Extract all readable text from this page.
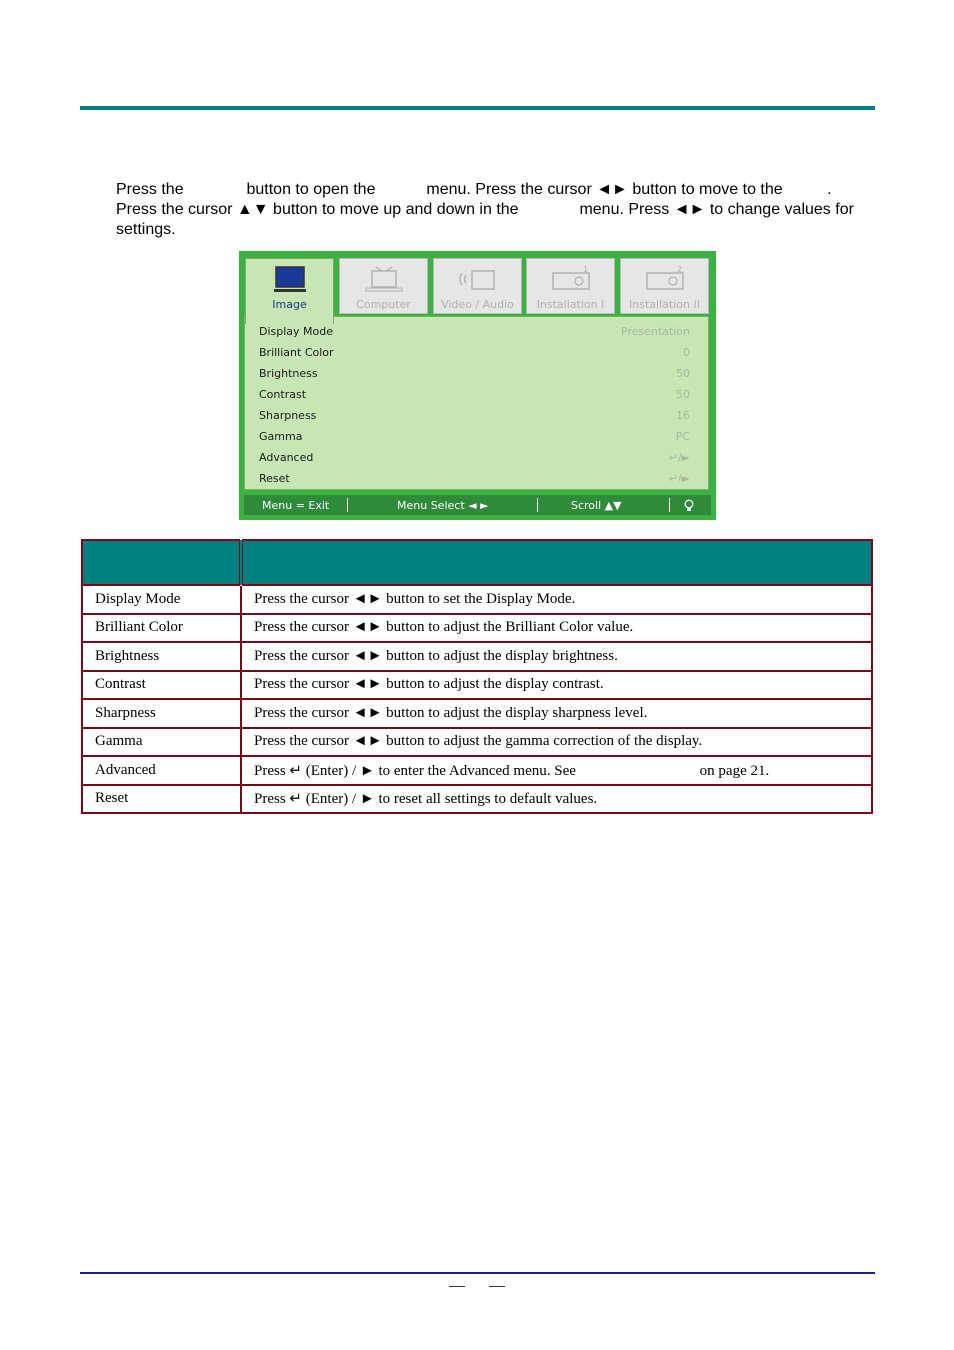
Press the	button to open the	menu. Press the cursor ◄► button to move to the	. Press the cursor ▲▼ button to move up and down in the	menu. Press ◄► to change values for settings.

Image	Computer	Video / Audio
1
Installation I
2
Installation II
Display Mode	Presentation
Brilliant Color	0
Brightness	50
Contrast	50
Sharpness	16
Gamma	PC
Advanced	↵/►
Reset	↵/►
Menu = Exit	Menu Select ◄ ►	Scroll ▲▼

Display Mode	Press the cursor ◄► button to set the Display Mode.
Brilliant Color	Press the cursor ◄► button to adjust the Brilliant Color value.
Brightness	Press the cursor ◄► button to adjust the display brightness.
Contrast	Press the cursor ◄► button to adjust the display contrast.
Sharpness	Press the cursor ◄► button to adjust the display sharpness level.
Gamma	Press the cursor ◄► button to adjust the gamma correction of the display.
Advanced	Press ↵ (Enter) / ► to enter the Advanced menu. See on page 21.
Reset	Press ↵ (Enter) / ► to reset all settings to default values.
